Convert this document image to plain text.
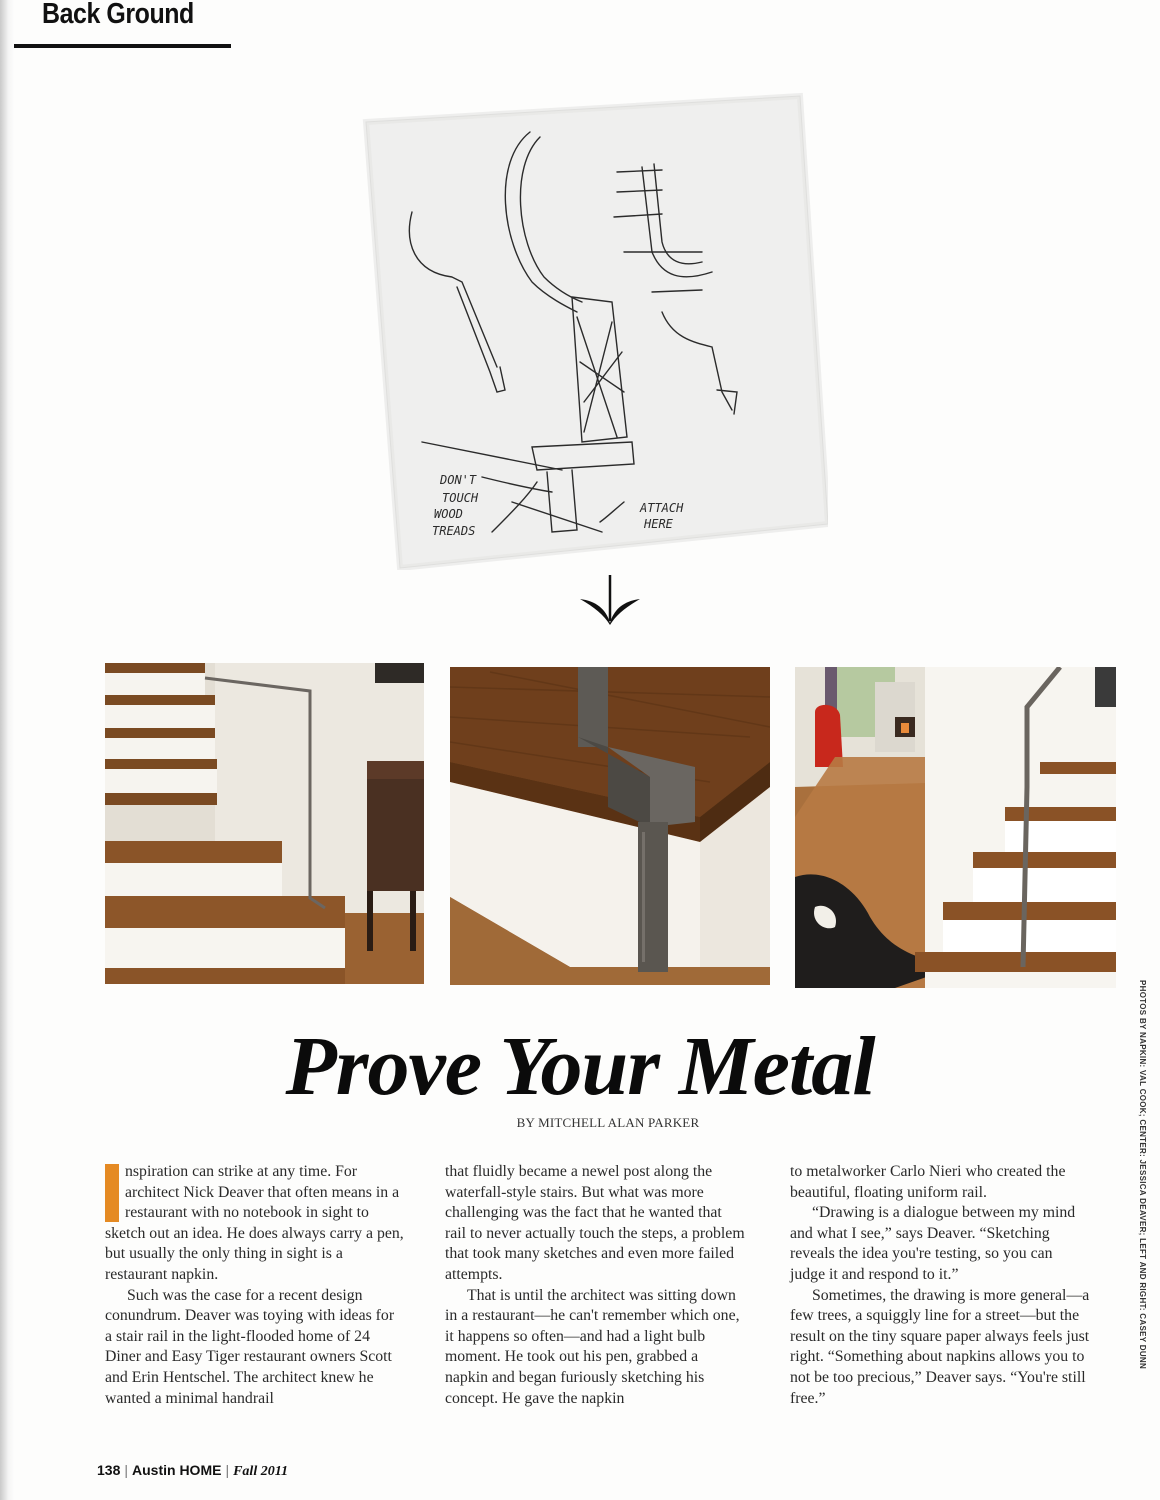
Back Ground
DON'T
TOUCH
WOOD
TREADS
ATTACH
HERE
Prove Your Metal
BY MITCHELL ALAN PARKER

nspiration can strike at any time. For architect Nick Deaver that often means in a restaurant with no notebook in sight to sketch out an idea. He does always carry a pen, but usually the only thing in sight is a restaurant napkin.

Such was the case for a recent design conundrum. Deaver was toying with ideas for a stair rail in the light-flooded home of 24 Diner and Easy Tiger restaurant owners Scott and Erin Hentschel. The architect knew he wanted a minimal handrail

that fluidly became a newel post along the waterfall-style stairs. But what was more challenging was the fact that he wanted that rail to never actually touch the steps, a problem that took many sketches and even more failed attempts.

That is until the architect was sitting down in a restaurant—he can't remember which one, it happens so often—and had a light bulb moment. He took out his pen, grabbed a napkin and began furiously sketching his concept. He gave the napkin

to metalworker Carlo Nieri who created the beautiful, floating uniform rail.

“Drawing is a dialogue between my mind and what I see,” says Deaver. “Sketching reveals the idea you're testing, so you can judge it and respond to it.”

Sometimes, the drawing is more general—a few trees, a squiggly line for a street—but the result on the tiny square paper always feels just right. “Something about napkins allows you to not be too precious,” Deaver says. “You're still free.”

PHOTOS BY NAPKIN: VAL COOK; CENTER: JESSICA DEAVER; LEFT AND RIGHT: CASEY DUNN
138 | Austin HOME | Fall 2011
